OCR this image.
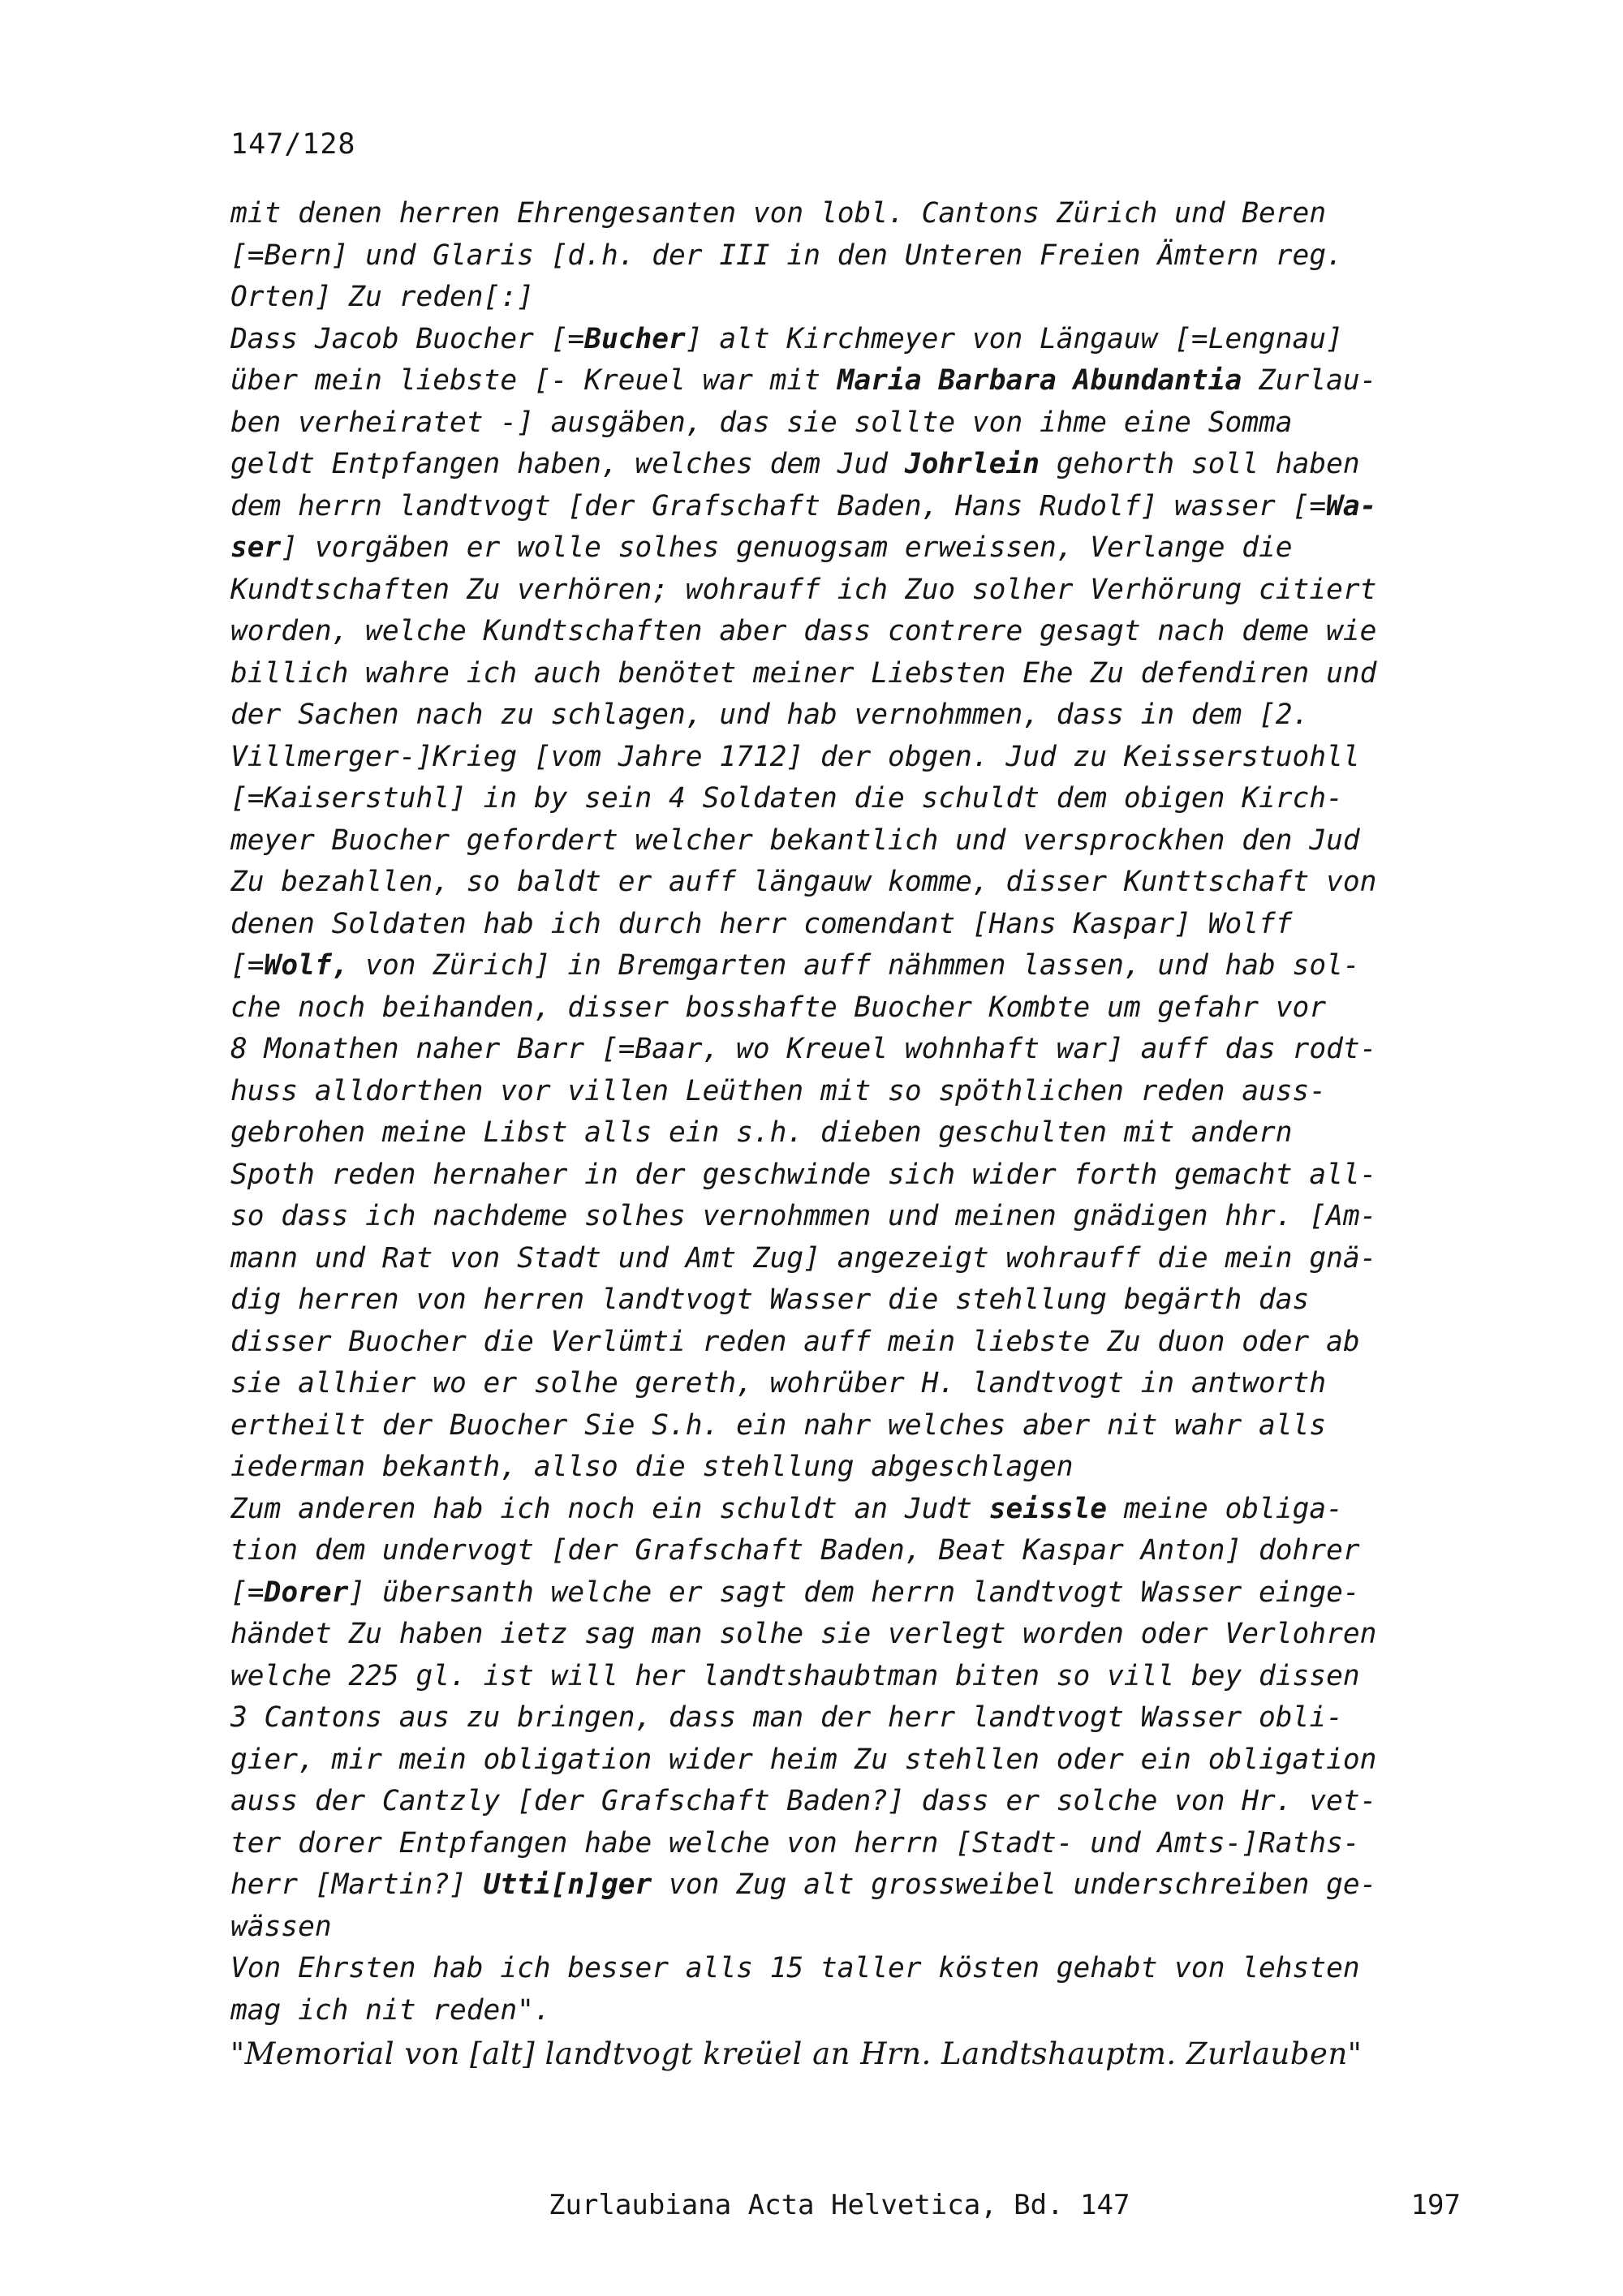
147/128
mit denen herren Ehrengesanten von lobl. Cantons Zürich und Beren
[=Bern] und Glaris [d.h. der III in den Unteren Freien Ämtern reg.
Orten] Zu reden[:]
Dass Jacob Buocher [=Bucher] alt Kirchmeyer von Längauw [=Lengnau]
über mein liebste [- Kreuel war mit Maria Barbara Abundantia Zurlau-
ben verheiratet -] ausgäben, das sie sollte von ihme eine Somma
geldt Entpfangen haben, welches dem Jud Johrlein gehorth soll haben
dem herrn landtvogt [der Grafschaft Baden, Hans Rudolf] wasser [=Wa-
ser] vorgäben er wolle solhes genuogsam erweissen, Verlange die
Kundtschaften Zu verhören; wohrauff ich Zuo solher Verhörung citiert
worden, welche Kundtschaften aber dass contrere gesagt nach deme wie
billich wahre ich auch benötet meiner Liebsten Ehe Zu defendiren und
der Sachen nach zu schlagen, und hab vernohmmen, dass in dem [2.
Villmerger-]Krieg [vom Jahre 1712] der obgen. Jud zu Keisserstuohll
[=Kaiserstuhl] in by sein 4 Soldaten die schuldt dem obigen Kirch-
meyer Buocher gefordert welcher bekantlich und versprockhen den Jud
Zu bezahllen, so baldt er auff längauw komme, disser Kunttschaft von
denen Soldaten hab ich durch herr comendant [Hans Kaspar] Wolff
[=Wolf, von Zürich] in Bremgarten auff nähmmen lassen, und hab sol-
che noch beihanden, disser bosshafte Buocher Kombte um gefahr vor
8 Monathen naher Barr [=Baar, wo Kreuel wohnhaft war] auff das rodt-
huss alldorthen vor villen Leüthen mit so spöthlichen reden auss-
gebrohen meine Libst alls ein s.h. dieben geschulten mit andern
Spoth reden hernaher in der geschwinde sich wider forth gemacht all-
so dass ich nachdeme solhes vernohmmen und meinen gnädigen hhr. [Am-
mann und Rat von Stadt und Amt Zug] angezeigt wohrauff die mein gnä-
dig herren von herren landtvogt Wasser die stehllung begärth das
disser Buocher die Verlümti reden auff mein liebste Zu duon oder ab
sie allhier wo er solhe gereth, wohrüber H. landtvogt in antworth
ertheilt der Buocher Sie S.h. ein nahr welches aber nit wahr alls
iederman bekanth, allso die stehllung abgeschlagen
Zum anderen hab ich noch ein schuldt an Judt seissle meine obliga-
tion dem undervogt [der Grafschaft Baden, Beat Kaspar Anton] dohrer
[=Dorer] übersanth welche er sagt dem herrn landtvogt Wasser einge-
händet Zu haben ietz sag man solhe sie verlegt worden oder Verlohren
welche 225 gl. ist will her landtshaubtman biten so vill bey dissen
3 Cantons aus zu bringen, dass man der herr landtvogt Wasser obli-
gier, mir mein obligation wider heim Zu stehllen oder ein obligation
auss der Cantzly [der Grafschaft Baden?] dass er solche von Hr. vet-
ter dorer Entpfangen habe welche von herrn [Stadt- und Amts-]Raths-
herr [Martin?] Utti[n]ger von Zug alt grossweibel underschreiben ge-
wässen
Von Ehrsten hab ich besser alls 15 taller kösten gehabt von lehsten
mag ich nit reden".
"Memorial von [alt] landtvogt kreüel an Hrn. Landtshauptm. Zurlauben"
Zurlaubiana Acta Helvetica, Bd. 147	197
